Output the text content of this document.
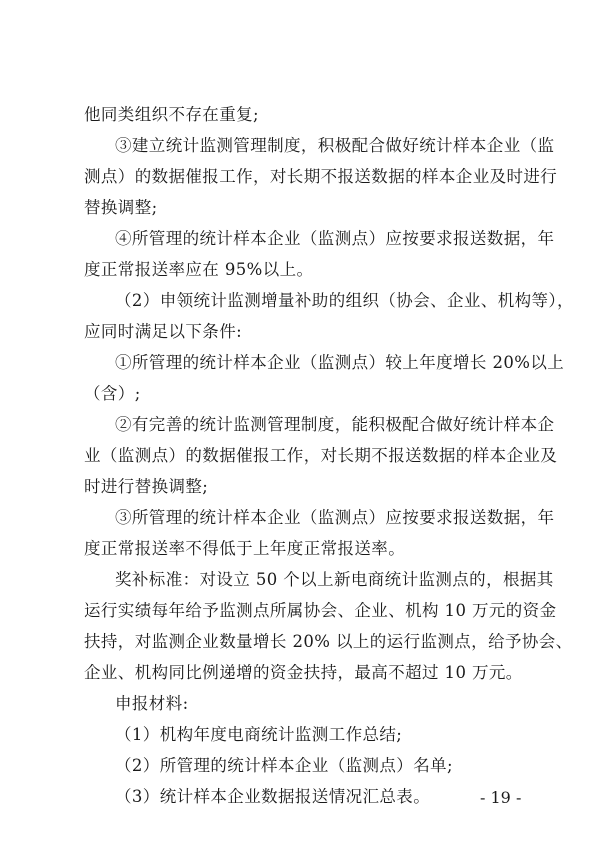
他同类组织不存在重复;
③建立统计监测管理制度，积极配合做好统计样本企业（监
测点）的数据催报工作，对长期不报送数据的样本企业及时进行
替换调整;
④所管理的统计样本企业（监测点）应按要求报送数据，年
度正常报送率应在 95%以上。
（2）申领统计监测增量补助的组织（协会、企业、机构等），
应同时满足以下条件:
①所管理的统计样本企业（监测点）较上年度增长 20%以上
（含）;
②有完善的统计监测管理制度，能积极配合做好统计样本企
业（监测点）的数据催报工作，对长期不报送数据的样本企业及
时进行替换调整;
③所管理的统计样本企业（监测点）应按要求报送数据，年
度正常报送率不得低于上年度正常报送率。
奖补标准：对设立 50 个以上新电商统计监测点的，根据其
运行实绩每年给予监测点所属协会、企业、机构 10 万元的资金
扶持，对监测企业数量增长 20% 以上的运行监测点，给予协会、
企业、机构同比例递增的资金扶持，最高不超过 10 万元。
申报材料:
（1）机构年度电商统计监测工作总结;
（2）所管理的统计样本企业（监测点）名单;
（3）统计样本企业数据报送情况汇总表。	- 19 -
